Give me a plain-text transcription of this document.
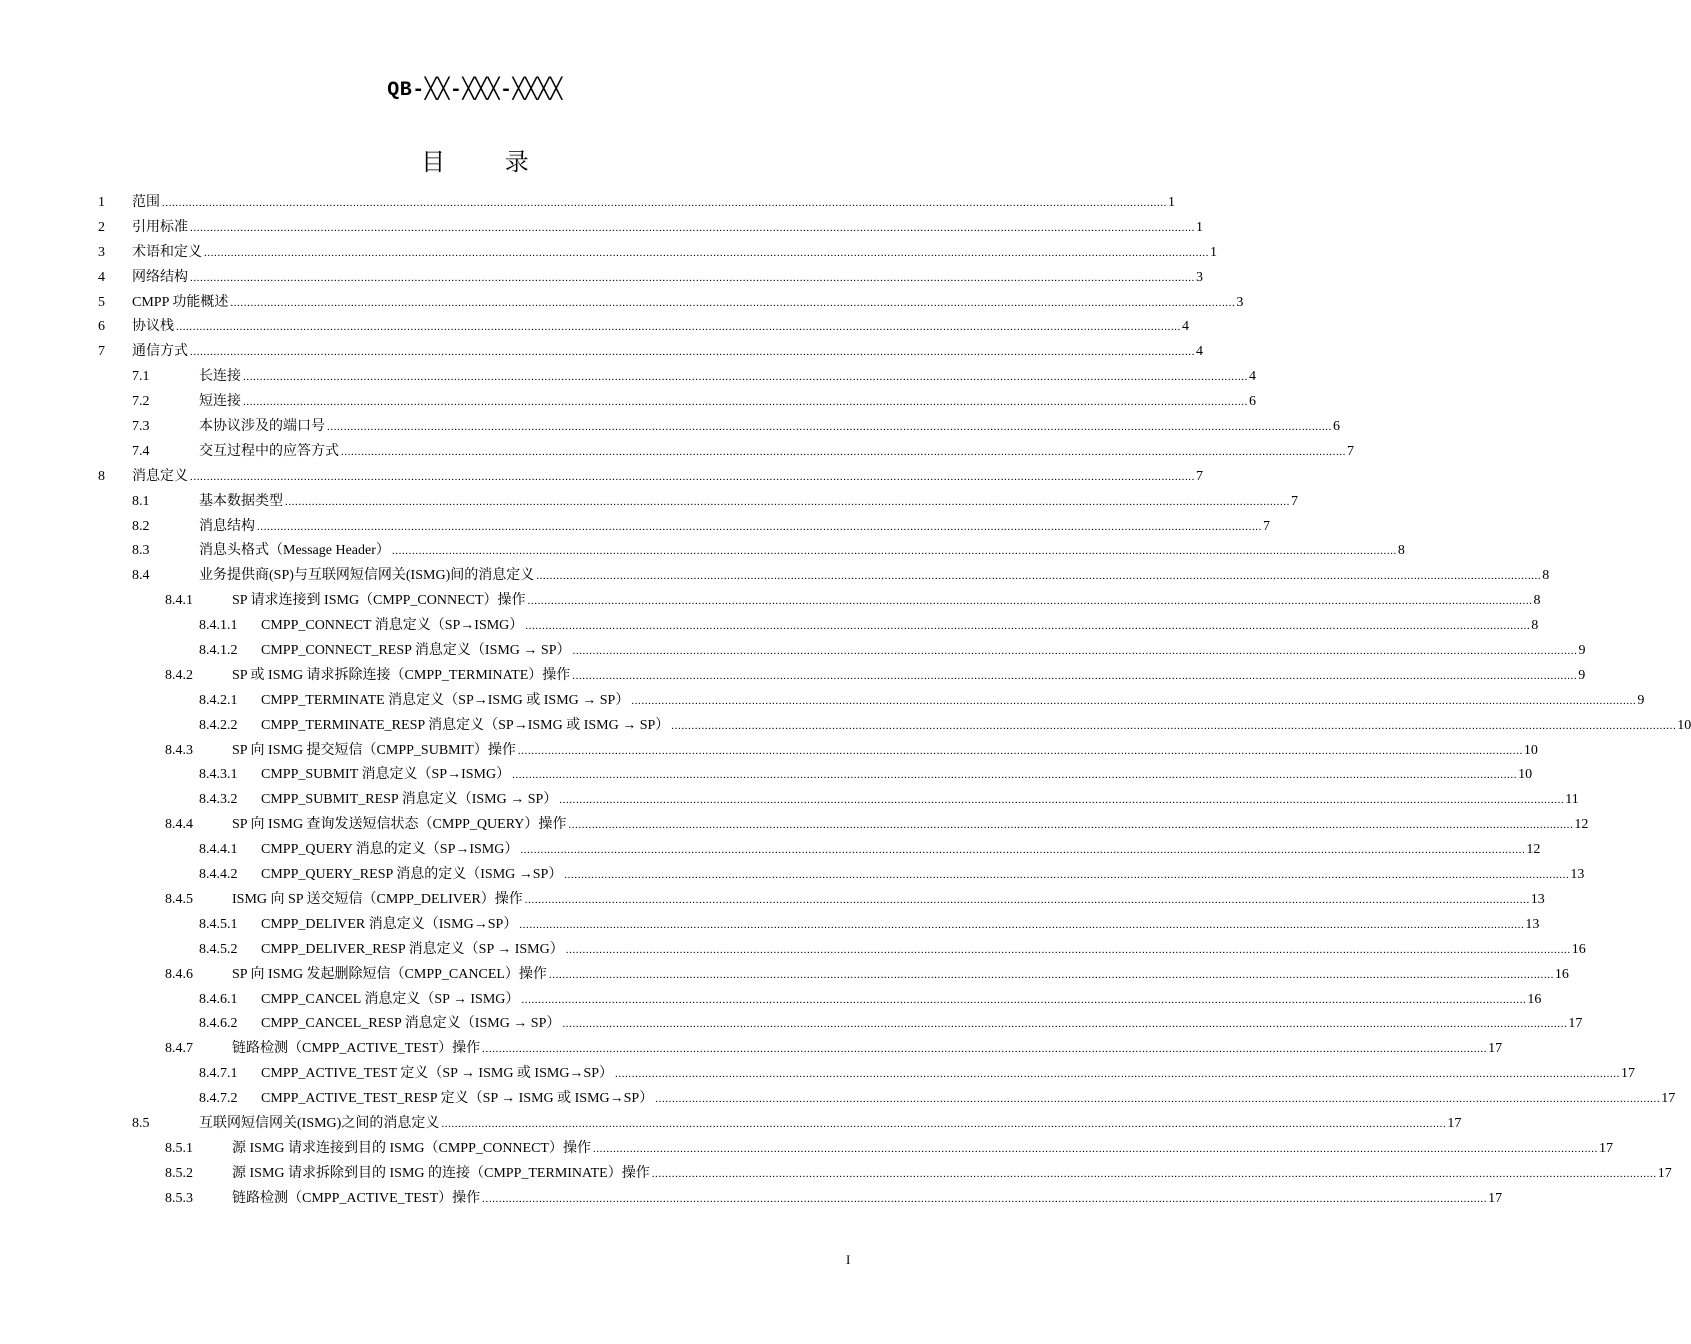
QB-╳╳-╳╳╳-╳╳╳╳
目 录
1 范围 ............................................................................................................................................................................................................................................................................................................ 1
2 引用标准 ............................................................................................................................................................................................................................................................................................................ 1
3 术语和定义 ............................................................................................................................................................................................................................................................................................................ 1
4 网络结构 ............................................................................................................................................................................................................................................................................................................ 3
5 CMPP 功能概述 ............................................................................................................................................................................................................................................................................................................ 3
6 协议栈 ............................................................................................................................................................................................................................................................................................................ 4
7 通信方式 ............................................................................................................................................................................................................................................................................................................ 4
7.1	长连接 ............................................................................................................................................................................................................................................................................................................ 4
7.2	短连接 ............................................................................................................................................................................................................................................................................................................ 6
7.3	本协议涉及的端口号 ............................................................................................................................................................................................................................................................................................................ 6
7.4	交互过程中的应答方式 ............................................................................................................................................................................................................................................................................................................ 7
8 消息定义 ............................................................................................................................................................................................................................................................................................................ 7
8.1	基本数据类型 ............................................................................................................................................................................................................................................................................................................ 7
8.2	消息结构 ............................................................................................................................................................................................................................................................................................................ 7
8.3	消息头格式（Message Header） ............................................................................................................................................................................................................................................................................................................ 8
8.4	业务提供商(SP)与互联网短信网关(ISMG)间的消息定义 ............................................................................................................................................................................................................................................................................................................ 8
8.4.1	SP 请求连接到 ISMG（CMPP_CONNECT）操作 ............................................................................................................................................................................................................................................................................................................ 8
8.4.1.1 CMPP_CONNECT 消息定义（SP→ISMG） ............................................................................................................................................................................................................................................................................................................ 8
8.4.1.2 CMPP_CONNECT_RESP 消息定义（ISMG → SP） ............................................................................................................................................................................................................................................................................................................ 9
8.4.2	SP 或 ISMG 请求拆除连接（CMPP_TERMINATE）操作 ............................................................................................................................................................................................................................................................................................................ 9
8.4.2.1 CMPP_TERMINATE 消息定义（SP→ISMG 或 ISMG → SP） ............................................................................................................................................................................................................................................................................................................ 9
8.4.2.2 CMPP_TERMINATE_RESP 消息定义（SP→ISMG 或 ISMG → SP） ............................................................................................................................................................................................................................................................................................................ 10
8.4.3	SP 向 ISMG 提交短信（CMPP_SUBMIT）操作 ............................................................................................................................................................................................................................................................................................................ 10
8.4.3.1 CMPP_SUBMIT 消息定义（SP→ISMG） ............................................................................................................................................................................................................................................................................................................ 10
8.4.3.2 CMPP_SUBMIT_RESP 消息定义（ISMG → SP） ............................................................................................................................................................................................................................................................................................................ 11
8.4.4	SP 向 ISMG 查询发送短信状态（CMPP_QUERY）操作 ............................................................................................................................................................................................................................................................................................................ 12
8.4.4.1 CMPP_QUERY 消息的定义（SP→ISMG） ............................................................................................................................................................................................................................................................................................................ 12
8.4.4.2 CMPP_QUERY_RESP 消息的定义（ISMG →SP） ............................................................................................................................................................................................................................................................................................................ 13
8.4.5	ISMG 向 SP 送交短信（CMPP_DELIVER）操作 ............................................................................................................................................................................................................................................................................................................ 13
8.4.5.1 CMPP_DELIVER 消息定义（ISMG→SP） ............................................................................................................................................................................................................................................................................................................ 13
8.4.5.2 CMPP_DELIVER_RESP 消息定义（SP → ISMG） ............................................................................................................................................................................................................................................................................................................ 16
8.4.6	SP 向 ISMG 发起删除短信（CMPP_CANCEL）操作 ............................................................................................................................................................................................................................................................................................................ 16
8.4.6.1 CMPP_CANCEL 消息定义（SP → ISMG） ............................................................................................................................................................................................................................................................................................................ 16
8.4.6.2 CMPP_CANCEL_RESP 消息定义（ISMG → SP） ............................................................................................................................................................................................................................................................................................................ 17
8.4.7	链路检测（CMPP_ACTIVE_TEST）操作 ............................................................................................................................................................................................................................................................................................................ 17
8.4.7.1 CMPP_ACTIVE_TEST 定义（SP → ISMG 或 ISMG→SP） ............................................................................................................................................................................................................................................................................................................ 17
8.4.7.2 CMPP_ACTIVE_TEST_RESP 定义（SP → ISMG 或 ISMG→SP） ............................................................................................................................................................................................................................................................................................................ 17
8.5	互联网短信网关(ISMG)之间的消息定义 ............................................................................................................................................................................................................................................................................................................ 17
8.5.1	源 ISMG 请求连接到目的 ISMG（CMPP_CONNECT）操作 ............................................................................................................................................................................................................................................................................................................ 17
8.5.2	源 ISMG 请求拆除到目的 ISMG 的连接（CMPP_TERMINATE）操作 ............................................................................................................................................................................................................................................................................................................ 17
8.5.3	链路检测（CMPP_ACTIVE_TEST）操作 ............................................................................................................................................................................................................................................................................................................ 17
I
